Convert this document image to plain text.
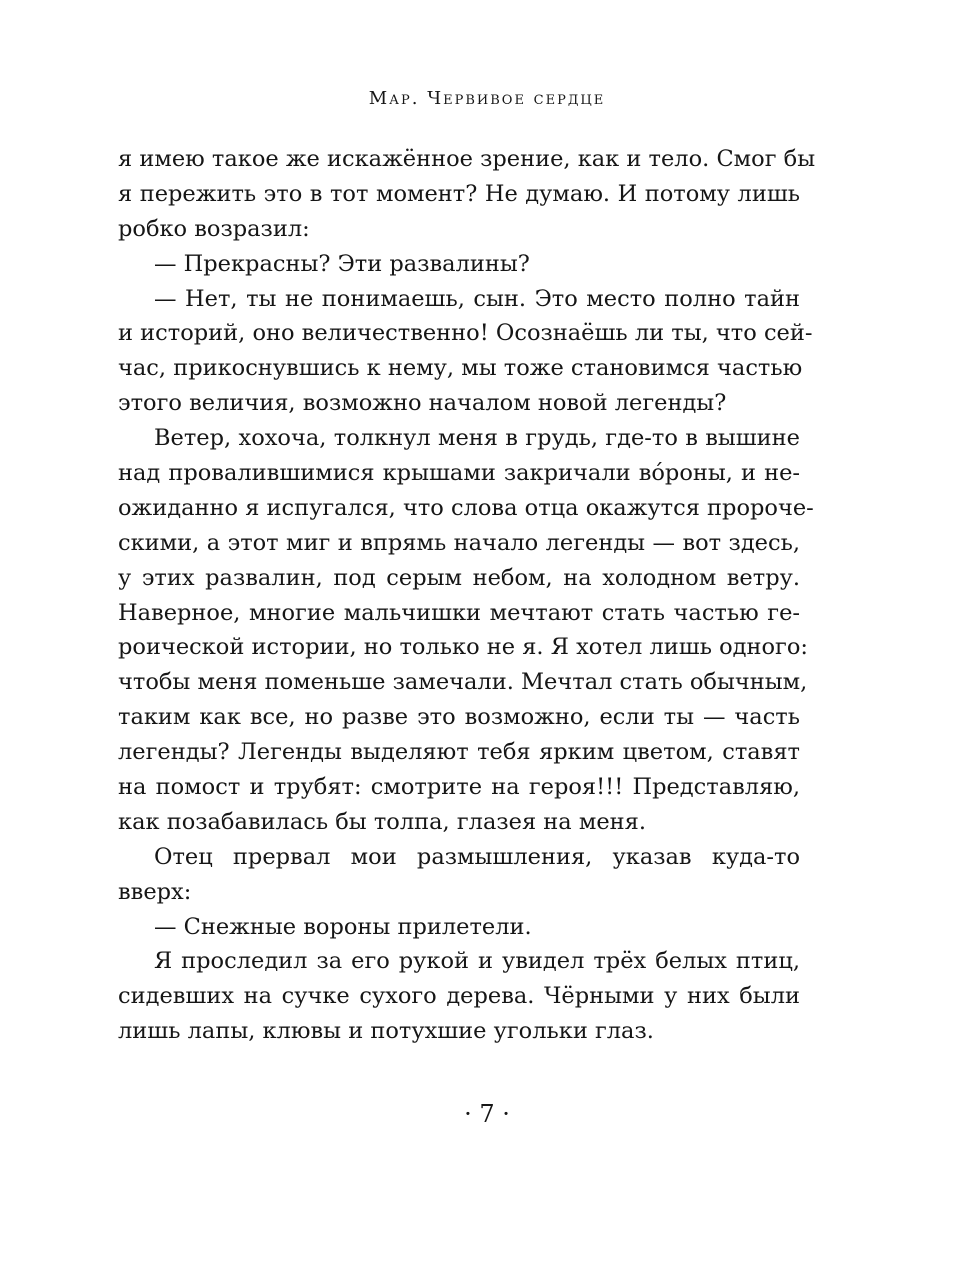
Мар. Червивое сердце
я имею такое же искажённое зрение, как и тело. Смог бы
я пережить это в тот момент? Не думаю. И потому лишь
робко возразил:
— Прекрасны? Эти развалины?
— Нет, ты не понимаешь, сын. Это место полно тайн
и историй, оно величественно! Осознаёшь ли ты, что сей-
час, прикоснувшись к нему, мы тоже становимся частью
этого величия, возможно началом новой легенды?
Ветер, хохоча, толкнул меня в грудь, где-то в вышине
над провалившимися крышами закричали вóроны, и не-
ожиданно я испугался, что слова отца окажутся пророче-
скими, а этот миг и впрямь начало легенды — вот здесь,
у этих развалин, под серым небом, на холодном ветру.
Наверное, многие мальчишки мечтают стать частью ге-
роической истории, но только не я. Я хотел лишь одного:
чтобы меня поменьше замечали. Мечтал стать обычным,
таким как все, но разве это возможно, если ты — часть
легенды? Легенды выделяют тебя ярким цветом, ставят
на помост и трубят: смотрите на героя!!! Представляю,
как позабавилась бы толпа, глазея на меня.
Отец прервал мои размышления, указав куда-то
вверх:
— Снежные вороны прилетели.
Я проследил за его рукой и увидел трёх белых птиц,
сидевших на сучке сухого дерева. Чёрными у них были
лишь лапы, клювы и потухшие угольки глаз.
· 7 ·
